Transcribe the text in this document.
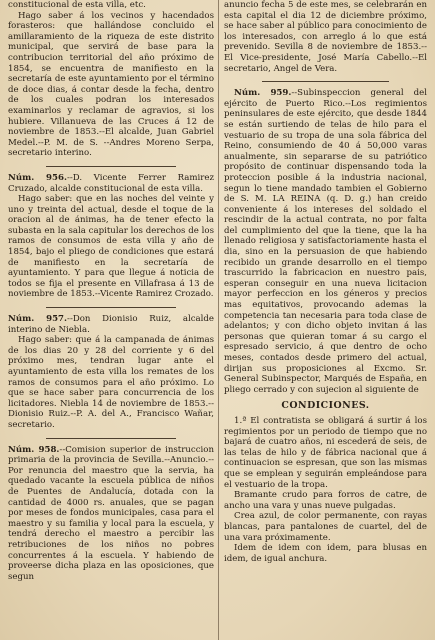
constitucional de esta villa, etc.

Hago saber á los vecinos y hacendados forasteros: que hallándose concluido el amillaramiento de la riqueza de este distrito municipal, que servirá de base para la contribucion territorial del año próximo de 1854, se encuentra de manifiesto en la secretaría de este ayuntamiento por el término de doce dias, á contar desde la fecha, dentro de los cuales podran los interesados examinarlos y reclamar de agravios, si los hubiere. Villanueva de las Cruces á 12 de noviembre de 1853.--El alcalde, Juan Gabriel Medel.--P. M. de S. --Andres Moreno Serpa, secretario interino.

Núm. 956.--D. Vicente Ferrer Ramirez Cruzado, alcalde constitucional de esta villa.

Hago saber: que en las noches del veinte y uno y treinta del actual, desde el toque de la oracion al de ánimas, ha de tener efecto la subasta en la sala capitular los derechos de los ramos de consumos de esta villa y año de 1854, bajo el pliego de condiciones que estará de manifiesto en la secretaría de ayuntamiento. Y para que llegue á noticia de todos se fija el presente en Villafrasa á 13 de noviembre de 1853.--Vicente Ramirez Crozado.

Núm. 957.--Don Dionisio Ruiz, alcalde interino de Niebla.

Hago saber: que á la campanada de ánimas de los dias 20 y 28 del corriente y 6 del próximo mes, tendran lugar ante el ayuntamiento de esta villa los remates de los ramos de consumos para el año próximo. Lo que se hace saber para concurrencia de los licitadores. Niebla 14 de noviembre de 1853.--Dionisio Ruiz.--P. A. del A., Francisco Wañar, secretario.

Núm. 958.--Comision superior de instruccion primaria de la provincia de Sevilla.--Anuncio.--Por renuncia del maestro que la servia, ha quedado vacante la escuela pública de niños de Puentes de Andalucía, dotada con la cantidad de 4000 rs. anuales, que se pagan por meses de fondos municipales, casa para el maestro y su familia y local para la escuela, y tendrá derecho el maestro a percibir las retribuciones de los niños no pobres concurrentes á la escuela. Y habiendo de proveerse dicha plaza en las oposiciones, que segun

anuncio fecha 5 de este mes, se celebrarán en esta capital el dia 12 de diciembre próximo, se hace saber al público para conocimiento de los interesados, con arreglo á lo que está prevenido. Sevilla 8 de noviembre de 1853.--El Vice-presidente, José María Cabello.--El secretario, Angel de Vera.

Núm. 959.--Subinspeccion general del ejército de Puerto Rico.--Los regimientos peninsulares de este ejército, que desde 1844 se están surtiendo de telas de hilo para el vestuario de su tropa de una sola fábrica del Reino, consumiendo de 40 á 50,000 varas anualmente, sin separarse de su patriótico propósito de continuar dispensando toda la proteccion posible á la industria nacional, segun lo tiene mandado tambien el Gobierno de S. M. LA REINA (q. D. g.) han creido conveniente á los intereses del soldado el rescindir de la actual contrata, no por falta del cumplimiento del que la tiene, que la ha llenado religiosa y satisfactoriamente hasta el dia, sino en la persuasion de que habiendo recibido un grande desarrollo en el tiempo trascurrido la fabricacion en nuestro pais, esperan conseguir en una nueva licitacion mayor perfeccion en los géneros y precios mas equitativos, provocando ademas la competencia tan necesaria para toda clase de adelantos; y con dicho objeto invitan á las personas que quieran tomar á su cargo el espresado servicio, á que dentro de ocho meses, contados desde primero del actual, dirijan sus proposiciones al Excmo. Sr. General Subinspector, Marqués de España, en pliego cerrado y con sujecion al siguiente de

CONDICIONES.

1.ª El contratista se obligará á surtir á los regimientos por un periodo de tiempo que no bajará de cuatro años, ni escederá de seis, de las telas de hilo y de fábrica nacional que á continuacion se espresan, que son las mismas que se emplean y seguirán empleándose para el vestuario de la tropa.

Bramante crudo para forros de catre, de ancho una vara y unas nueve pulgadas.

Crea azul, de color permanente, con rayas blancas, para pantalones de cuartel, del de una vara próximamente.

Idem de idem con idem, para blusas en idem, de igual anchura.
